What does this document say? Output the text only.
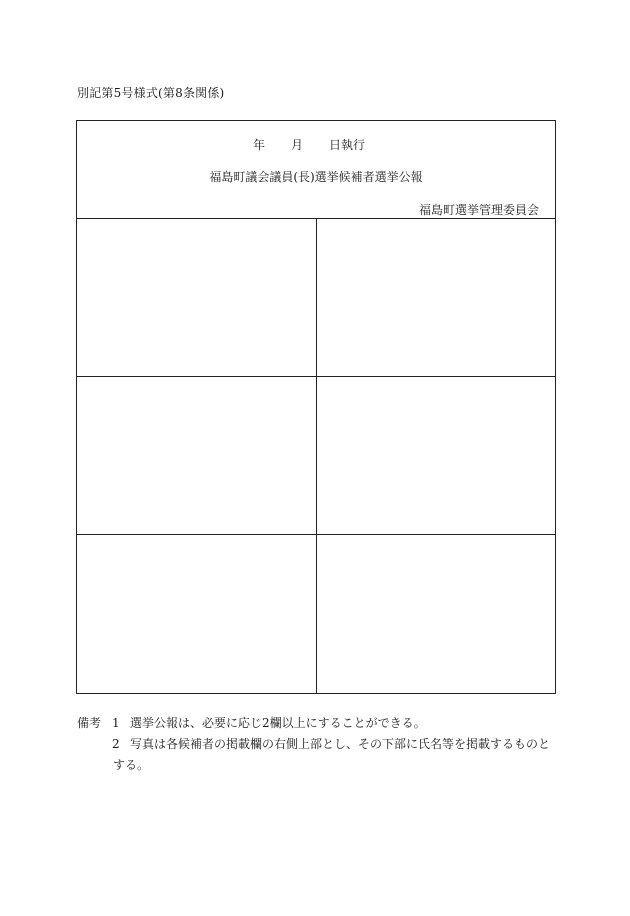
別記第5号様式(第8条関係)
年 月 日執行
福島町議会議員(長)選挙候補者選挙公報
福島町選挙管理委員会
備考 1 選挙公報は、必要に応じ2欄以上にすることができる。
2 写真は各候補者の掲載欄の右側上部とし、その下部に氏名等を掲載するものと
する。
